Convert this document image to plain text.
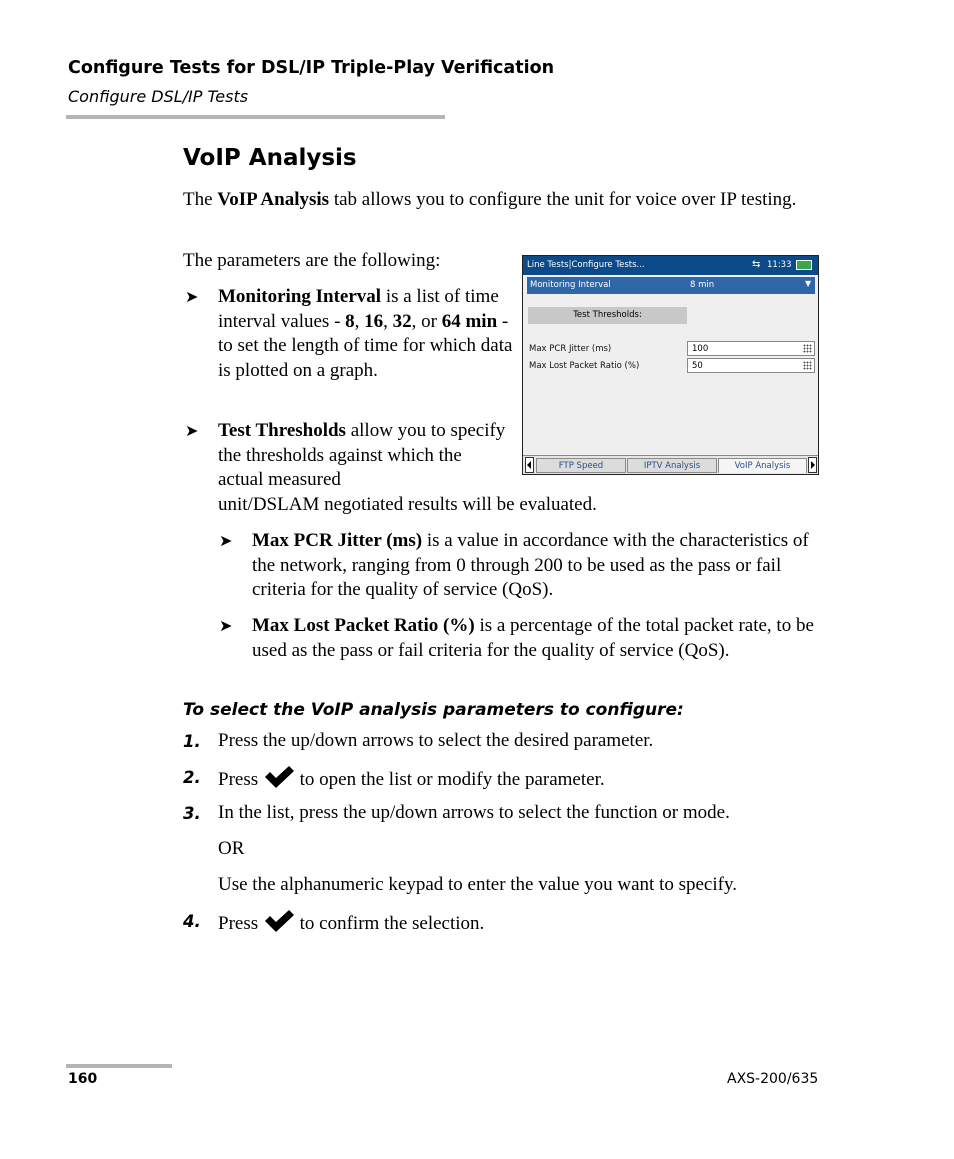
Configure Tests for DSL/IP Triple-Play Verification
Configure DSL/IP Tests
VoIP Analysis
The VoIP Analysis tab allows you to configure the unit for voice over IP testing.
The parameters are the following:
➤ Monitoring Interval is a list of time interval values - 8, 16, 32, or 64 min - to set the length of time for which data is plotted on a graph.
➤ Test Thresholds allow you to specify the thresholds against which the actual measured
unit/DSLAM negotiated results will be evaluated.
➤ Max PCR Jitter (ms) is a value in accordance with the characteristics of the network, ranging from 0 through 200 to be used as the pass or fail criteria for the quality of service (QoS).
➤ Max Lost Packet Ratio (%) is a percentage of the total packet rate, to be used as the pass or fail criteria for the quality of service (QoS).
To select the VoIP analysis parameters to configure:
1. Press the up/down arrows to select the desired parameter.
2. Press  to open the list or modify the parameter.
3. In the list, press the up/down arrows to select the function or mode.
OR
Use the alphanumeric keypad to enter the value you want to specify.
4. Press  to confirm the selection.
Line Tests|Configure Tests...	⇆ 11:33
Monitoring Interval	8 min	▼
Test Thresholds:
Max PCR Jitter (ms)	100
Max Lost Packet Ratio (%)	50
FTP Speed	IPTV Analysis	VoIP Analysis
160	AXS-200/635
